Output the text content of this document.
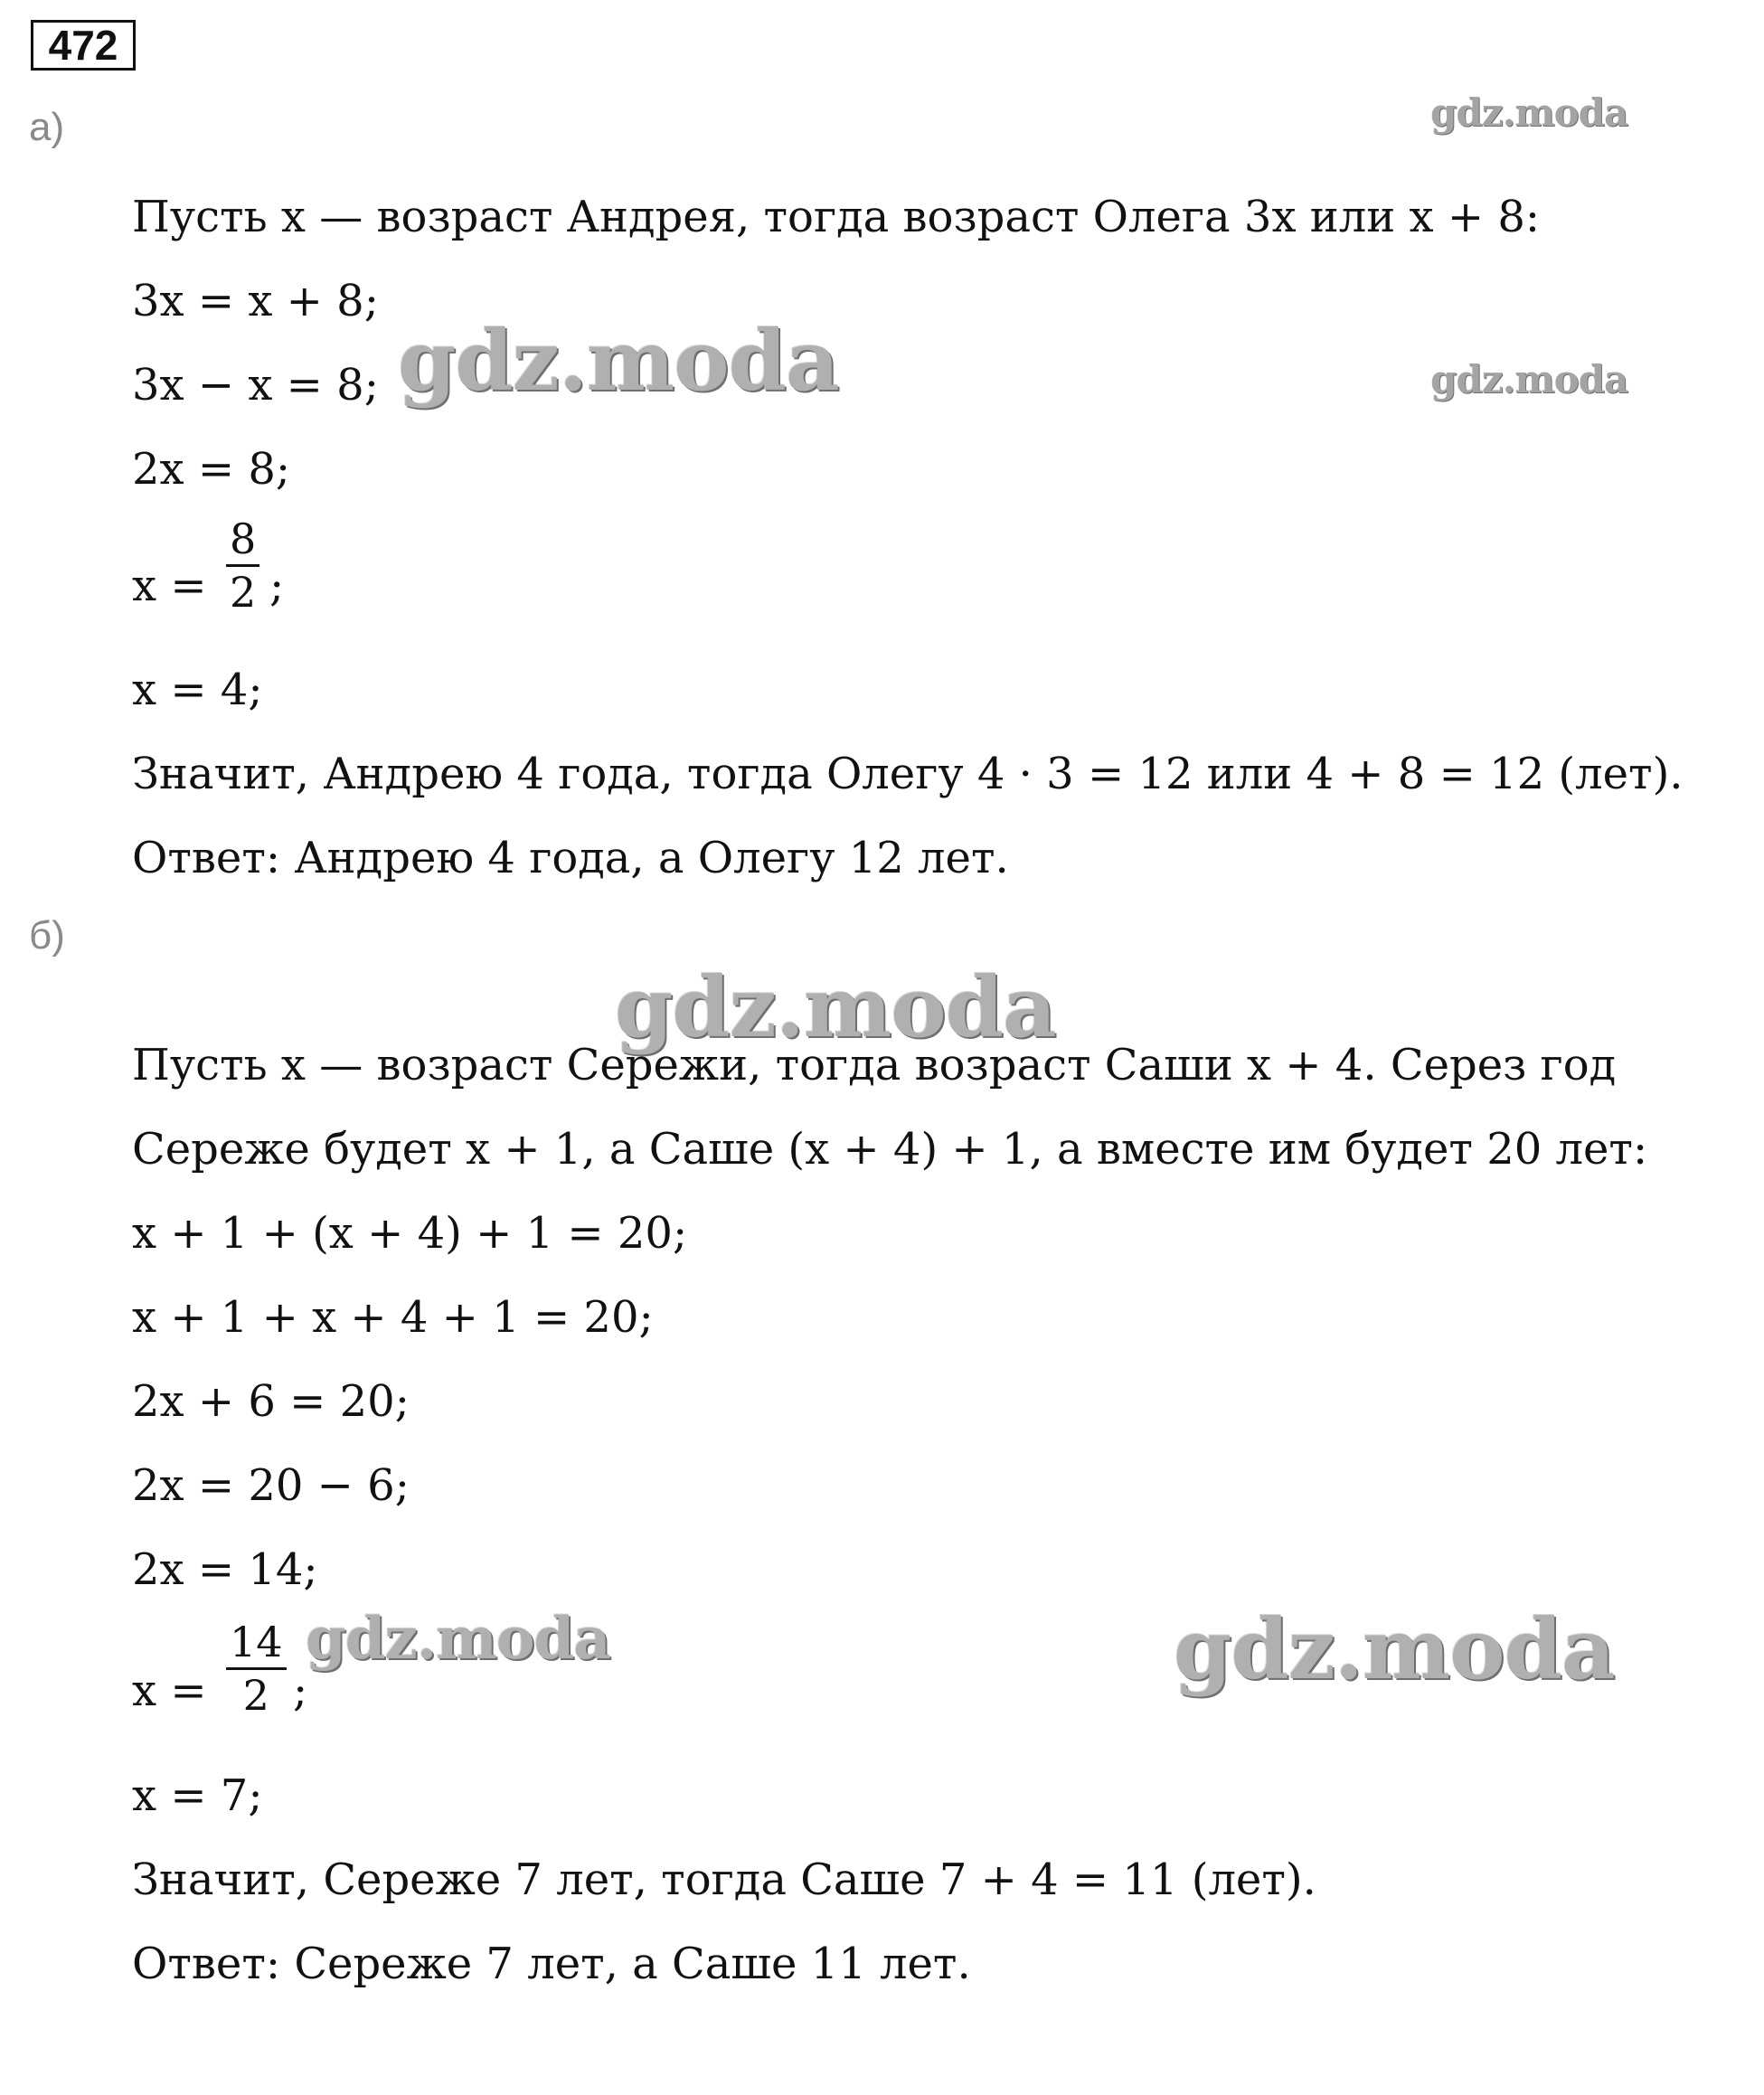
472
gdz.moda
gdz.moda
gdz.moda
gdz.moda
gdz.moda	gdz.moda
а)
Пусть x — возраст Андрея, тогда возраст Олега 3x или x + 8:
3x = x + 8;
3x − x = 8;
2x = 8;
x =
8
2 ;
x = 4;
Значит, Андрею 4 года, тогда Олегу 4 · 3 = 12 или 4 + 8 = 12 (лет).
Ответ: Андрею 4 года, а Олегу 12 лет.
б)
Пусть x — возраст Сережи, тогда возраст Саши x + 4. Серез год
Сереже будет x + 1, а Саше (x + 4) + 1, а вместе им будет 20 лет:
x + 1 + (x + 4) + 1 = 20;
x + 1 + x + 4 + 1 = 20;
2x + 6 = 20;
2x = 20 − 6;
2x = 14;
x =
14
2 ;
x = 7;
Значит, Сереже 7 лет, тогда Саше 7 + 4 = 11 (лет).
Ответ: Сереже 7 лет, а Саше 11 лет.
